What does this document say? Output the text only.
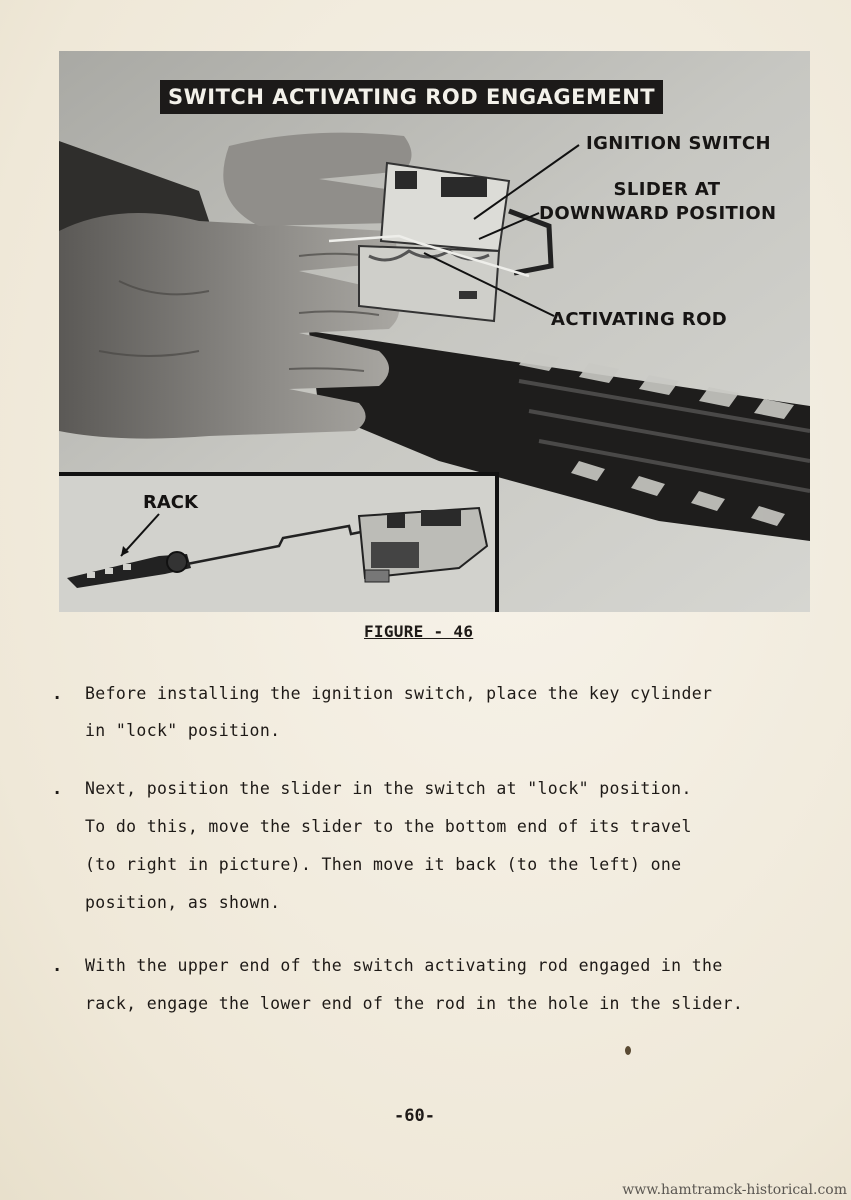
SWITCH ACTIVATING ROD ENGAGEMENT
IGNITION SWITCH
SLIDER AT
DOWNWARD POSITION
ACTIVATING ROD
RACK
FIGURE - 46
. Before installing the ignition switch, place the key cylinder
in "lock" position.
. Next, position the slider in the switch at "lock" position.
To do this, move the slider to the bottom end of its travel
(to right in picture). Then move it back (to the left) one
position, as shown.
. With the upper end of the switch activating rod engaged in the
rack, engage the lower end of the rod in the hole in the slider.
-60-
www.hamtramck-historical.com
